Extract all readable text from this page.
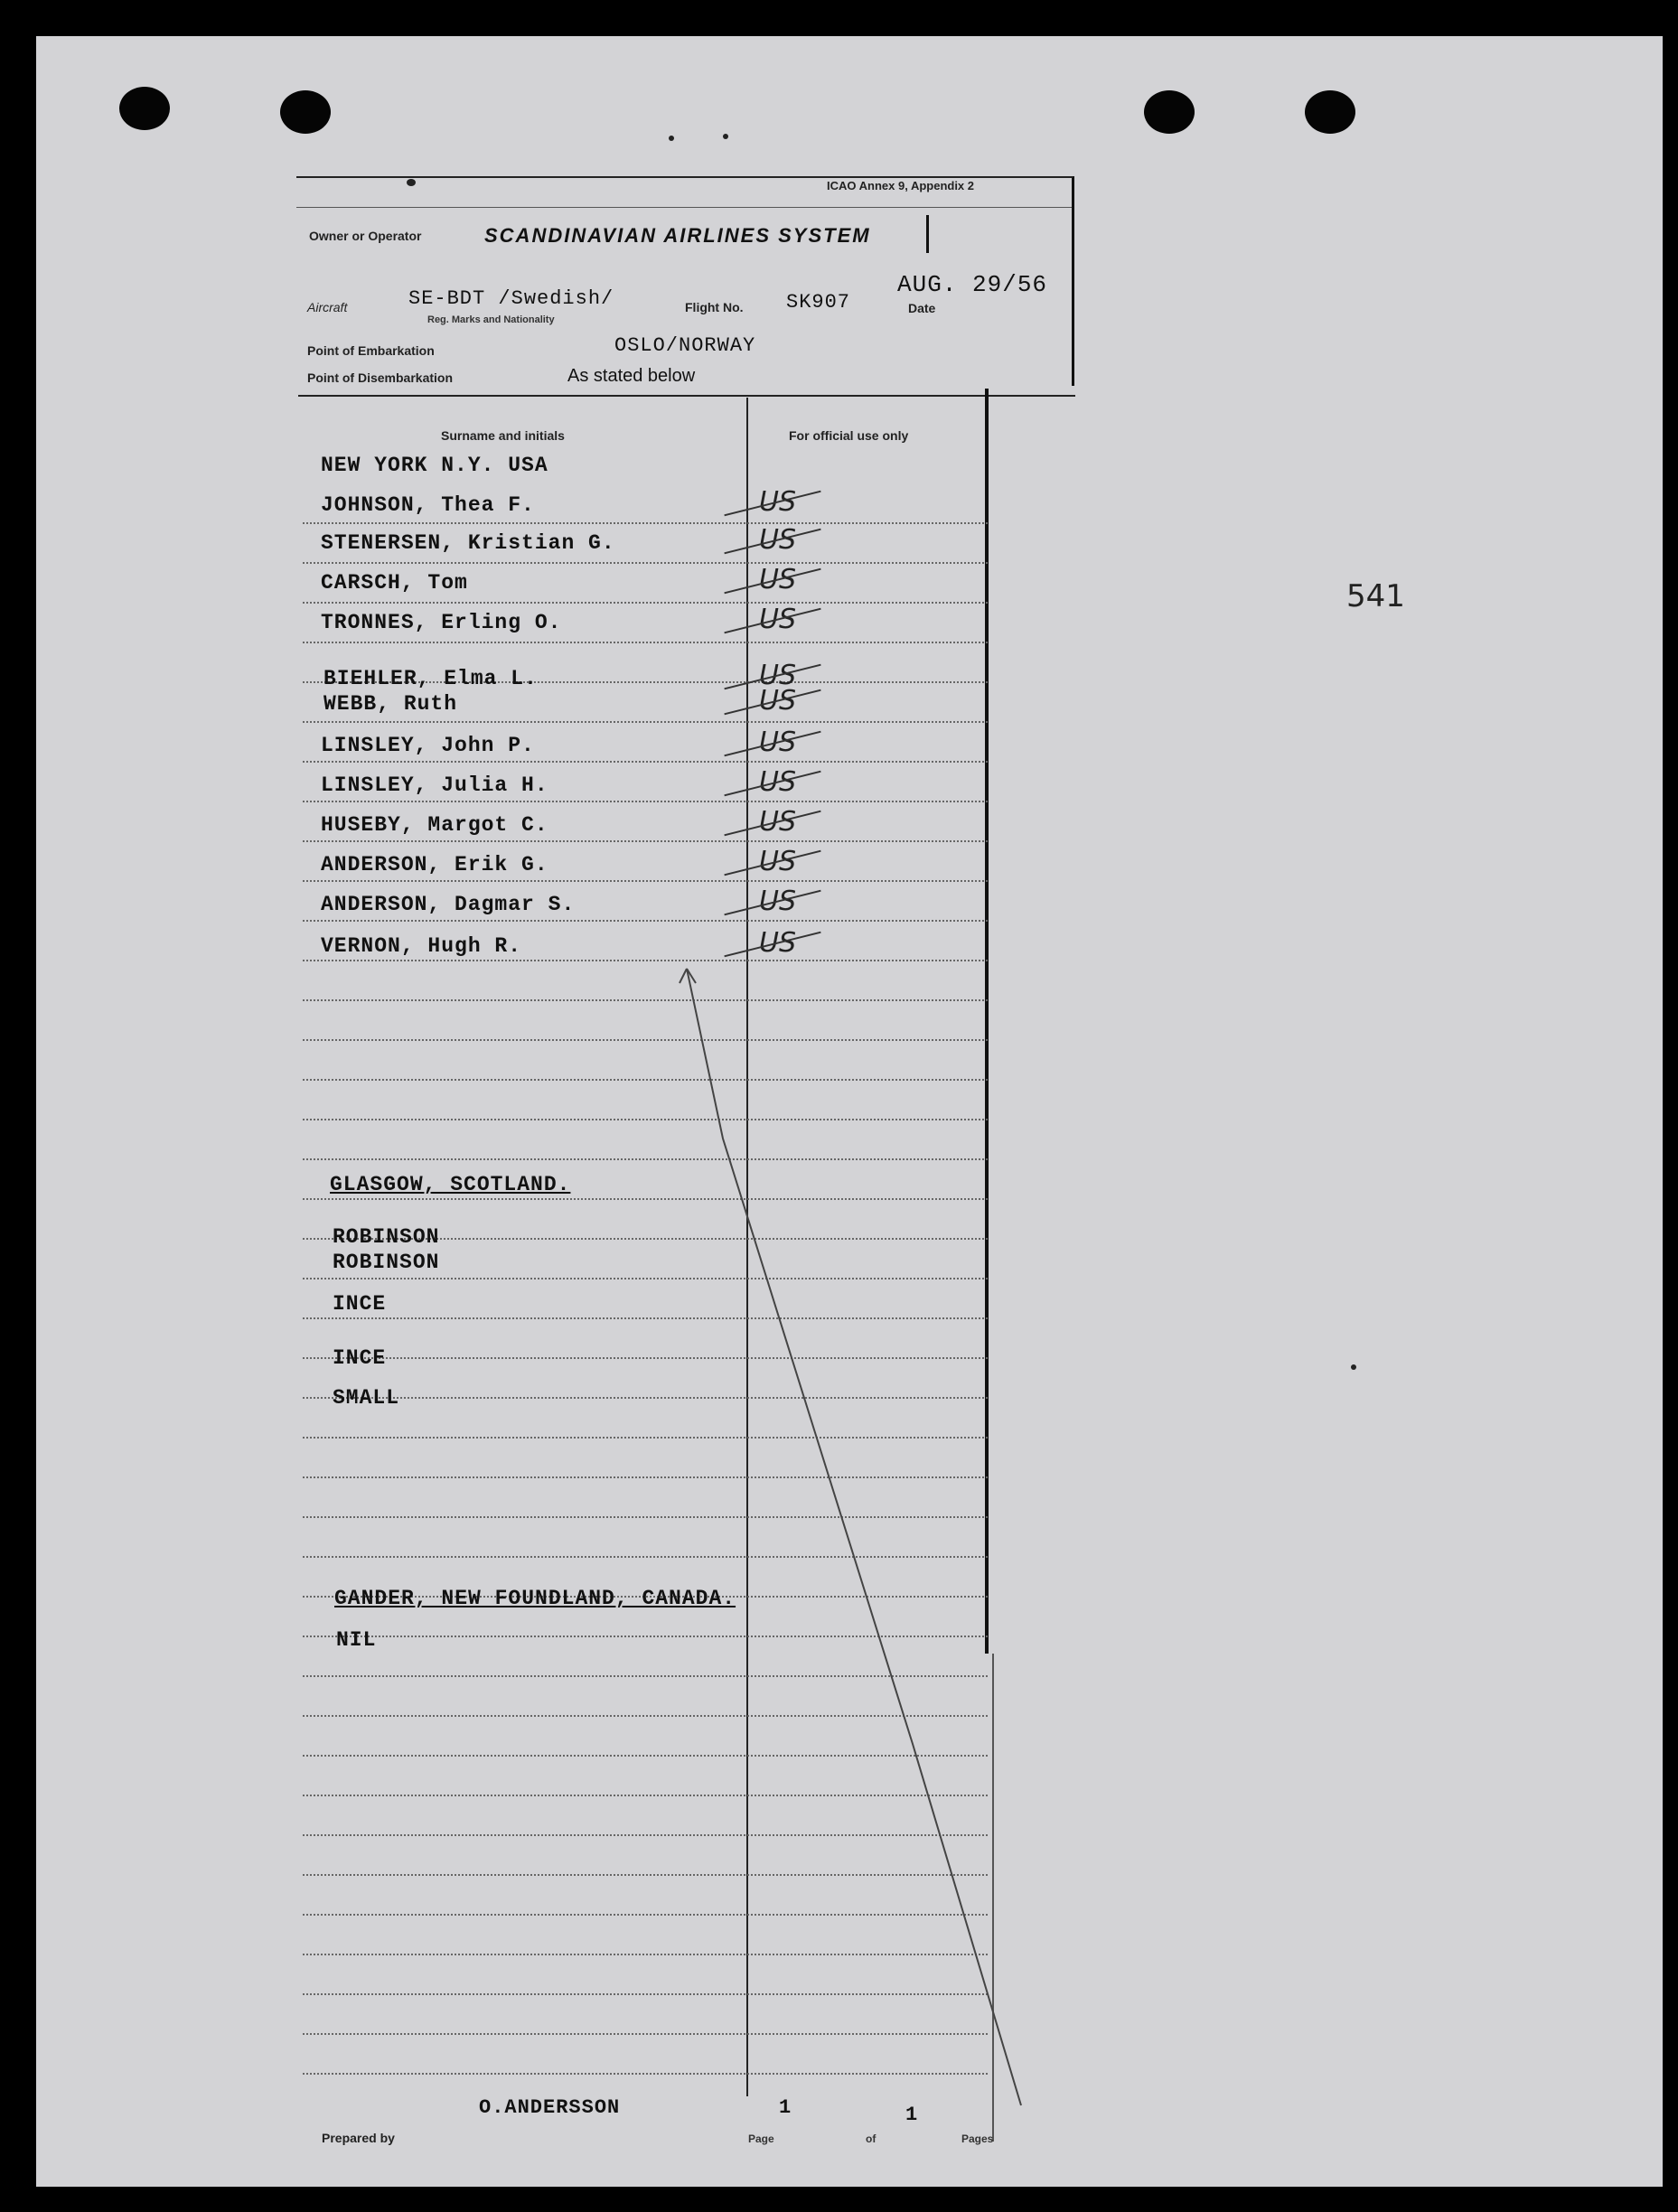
ICAO Annex 9, Appendix 2
Owner or Operator	SCANDINAVIAN AIRLINES SYSTEM
Aircraft	SE-BDT /Swedish/
Reg. Marks and Nationality
Flight No. SK907
AUG. 29/56
Date
Point of Embarkation	OSLO/NORWAY
Point of Disembarkation	As stated below
Surname and initials	For official use only
NEW YORK N.Y. USA
JOHNSON, Thea F.	US
STENERSEN, Kristian G.	US
CARSCH, Tom	US
TRONNES, Erling O.	US
BIEHLER, Elma L.	US
WEBB, Ruth	US
LINSLEY, John P.	US
LINSLEY, Julia H.	US
HUSEBY, Margot C.	US
ANDERSON, Erik G.	US
ANDERSON, Dagmar S.	US
VERNON, Hugh R.	US
GLASGOW, SCOTLAND.
ROBINSON
ROBINSON
INCE
INCE
SMALL
GANDER, NEW FOUNDLAND, CANADA.
NIL
541
O.ANDERSSON
Prepared by
1
Page
1
of	Pages
